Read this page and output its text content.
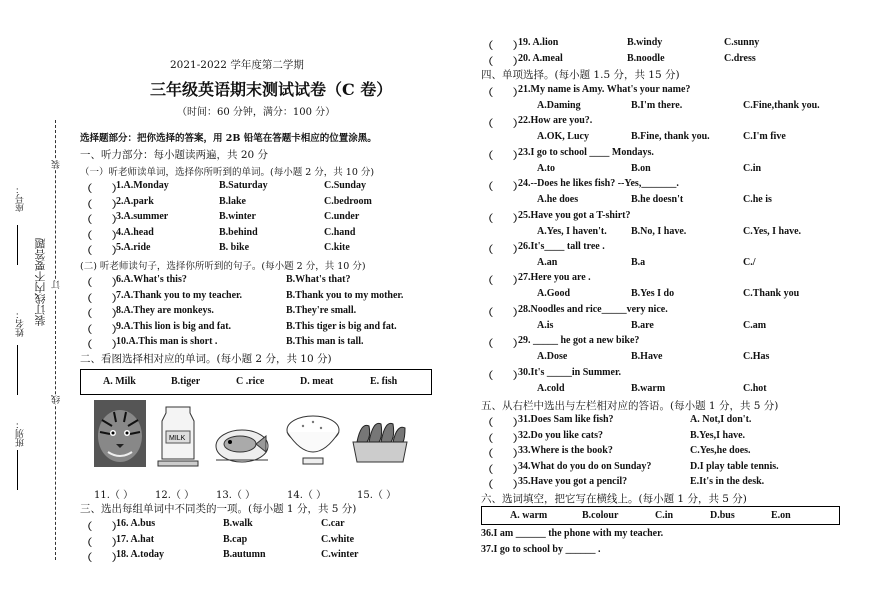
座号：
姓名：
班别：
装订线内不要答题
装
订
线
2021-2022 学年度第二学期
三年级英语期末测试试卷（C 卷）
（时间：60 分钟，满分：100 分）
选择题部分：把你选择的答案，用 2B 铅笔在答题卡相应的位置涂黑。
一、听力部分：每小题读两遍，共 20 分
（一）听老师读单词，选择你所听到的单词。(每小题 2 分，共 10 分)
（　　）
1.A.Monday	B.Saturday	C.Sunday
（　　）
2.A.park	B.lake	C.bedroom
（　　）
3.A.summer	B.winter	C.under
（　　）
4.A.head	B.behind	C.hand
（　　）
5.A.ride	B. bike	C.kite
(二) 听老师读句子，选择你所听到的句子。(每小题 2 分，共 10 分)
（　　）
6.A.What's this?	B.What's that?
（　　）
7.A.Thank you to my teacher.	B.Thank you to my mother.
（　　）
8.A.They are monkeys.	B.They're small.
（　　）
9.A.This lion is big and fat.	B.This tiger is big and fat.
（　　）
10.A.This man is short .	B.This man is tall.
二、看图选择相对应的单词。(每小题 2 分，共 10 分)
A. Milk	B.tiger	C .rice	D. meat	E. fish
MILK
11.（ ） 12.（ ） 13.（ ）	14.（ ）	15.（ ）
三、选出每组单词中不同类的一项。(每小题 1 分，共 5 分)
（　　）
16. A.bus	B.walk	C.car
（　　）
17. A.hat	B.cap	C.white
（　　）
18. A.today	B.autumn	C.winter
（　　）
19. A.lion	B.windy	C.sunny
（　　）
20. A.meal	B.noodle	C.dress
四、单项选择。(每小题 1.5 分，共 15 分)
（　　）
21.My name is Amy. What's your name?
A.Daming	B.I'm there.	C.Fine,thank you.
（　　）
22.How are you?.
A.OK, Lucy	B.Fine, thank you.	C.I'm five
（　　）
23.I go to school ____ Mondays.
A.to	B.on	C.in
（　　）
24.--Does he likes fish? --Yes,_______.
A.he does	B.he doesn't	C.he is
（　　）
25.Have you got a T-shirt?
A.Yes, I haven't. B.No, I have.	C.Yes, I have.
（　　）
26.It's____ tall tree .
A.an	B.a	C./
（　　）
27.Here you are .
A.Good	B.Yes I do	C.Thank you
（　　）
28.Noodles and rice_____very nice.
A.is	B.are	C.am
（　　）
29. _____ he got a new bike?
A.Dose	B.Have	C.Has
（　　）
30.It's _____in Summer.
A.cold	B.warm	C.hot
五、从右栏中选出与左栏相对应的答语。(每小题 1 分，共 5 分)
（　　）
31.Does Sam like fish?	A. Not,I don't.
（　　）
32.Do you like cats?	B.Yes,I have.
（　　）
33.Where is the book?	C.Yes,he does.
（　　）
34.What do you do on Sunday?	D.I play table tennis.
（　　）
35.Have you got a pencil?	E.It's in the desk.
六、选词填空，把它写在横线上。(每小题 1 分，共 5 分)
A. warm	B.colour	C.in	D.bus	E.on
36.I am ______ the phone with my teacher.
37.I go to school by ______ .
